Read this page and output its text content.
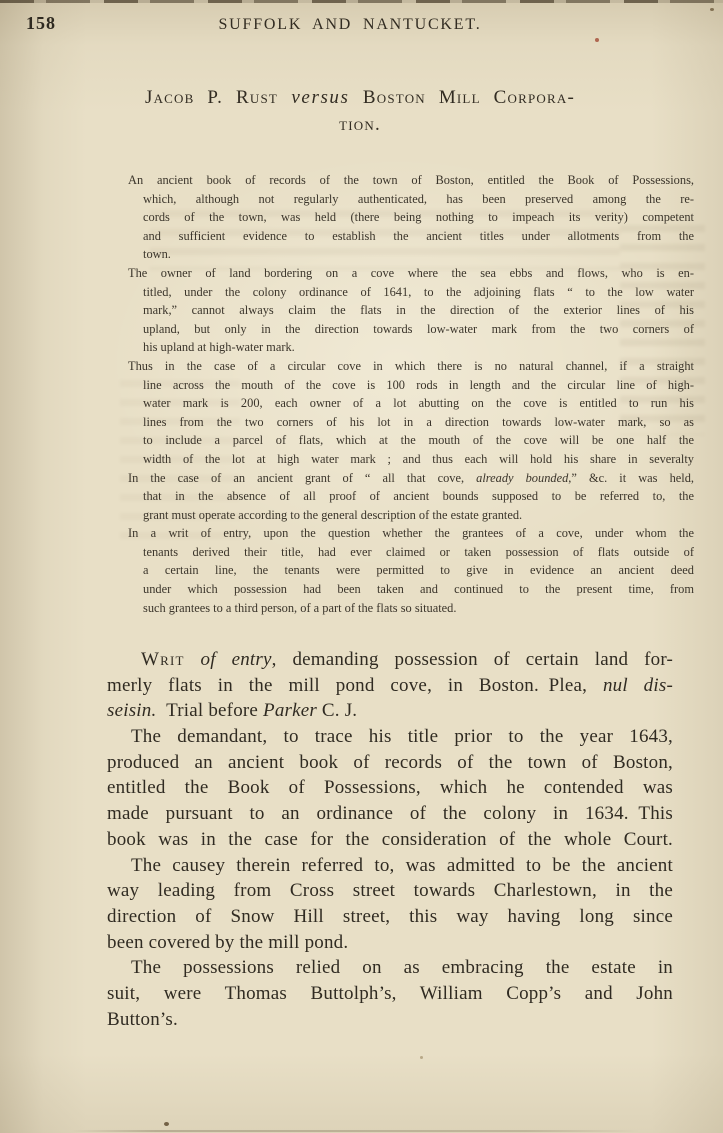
158	SUFFOLK AND NANTUCKET.
Jacob P. Rust versus Boston Mill Corpora-
tion.
An ancient book of records of the town of Boston, entitled the Book of Possessions,
which, although not regularly authenticated, has been preserved among the re-
cords of the town, was held (there being nothing to impeach its verity) competent
and sufficient evidence to establish the ancient titles under allotments from the
town.
The owner of land bordering on a cove where the sea ebbs and flows, who is en-
titled, under the colony ordinance of 1641, to the adjoining flats “ to the low water
mark,” cannot always claim the flats in the direction of the exterior lines of his
upland, but only in the direction towards low-water mark from the two corners of
his upland at high-water mark.
Thus in the case of a circular cove in which there is no natural channel, if a straight
line across the mouth of the cove is 100 rods in length and the circular line of high-
water mark is 200, each owner of a lot abutting on the cove is entitled to run his
lines from the two corners of his lot in a direction towards low-water mark, so as
to include a parcel of flats, which at the mouth of the cove will be one half the
width of the lot at high water mark ; and thus each will hold his share in severalty
In the case of an ancient grant of “ all that cove, already bounded,” &c. it was held,
that in the absence of all proof of ancient bounds supposed to be referred to, the
grant must operate according to the general description of the estate granted.
In a writ of entry, upon the question whether the grantees of a cove, under whom the
tenants derived their title, had ever claimed or taken possession of flats outside of
a certain line, the tenants were permitted to give in evidence an ancient deed
under which possession had been taken and continued to the present time, from
such grantees to a third person, of a part of the flats so situated.
Writ of entry, demanding possession of certain land for-
merly flats in the mill pond cove, in Boston. Plea, nul dis-
seisin. Trial before Parker C. J.
The demandant, to trace his title prior to the year 1643,
produced an ancient book of records of the town of Boston,
entitled the Book of Possessions, which he contended was
made pursuant to an ordinance of the colony in 1634. This
book was in the case for the consideration of the whole Court.
The causey therein referred to, was admitted to be the ancient
way leading from Cross street towards Charlestown, in the
direction of Snow Hill street, this way having long since
been covered by the mill pond.
The possessions relied on as embracing the estate in
suit, were Thomas Buttolph’s, William Copp’s and John
Button’s.
